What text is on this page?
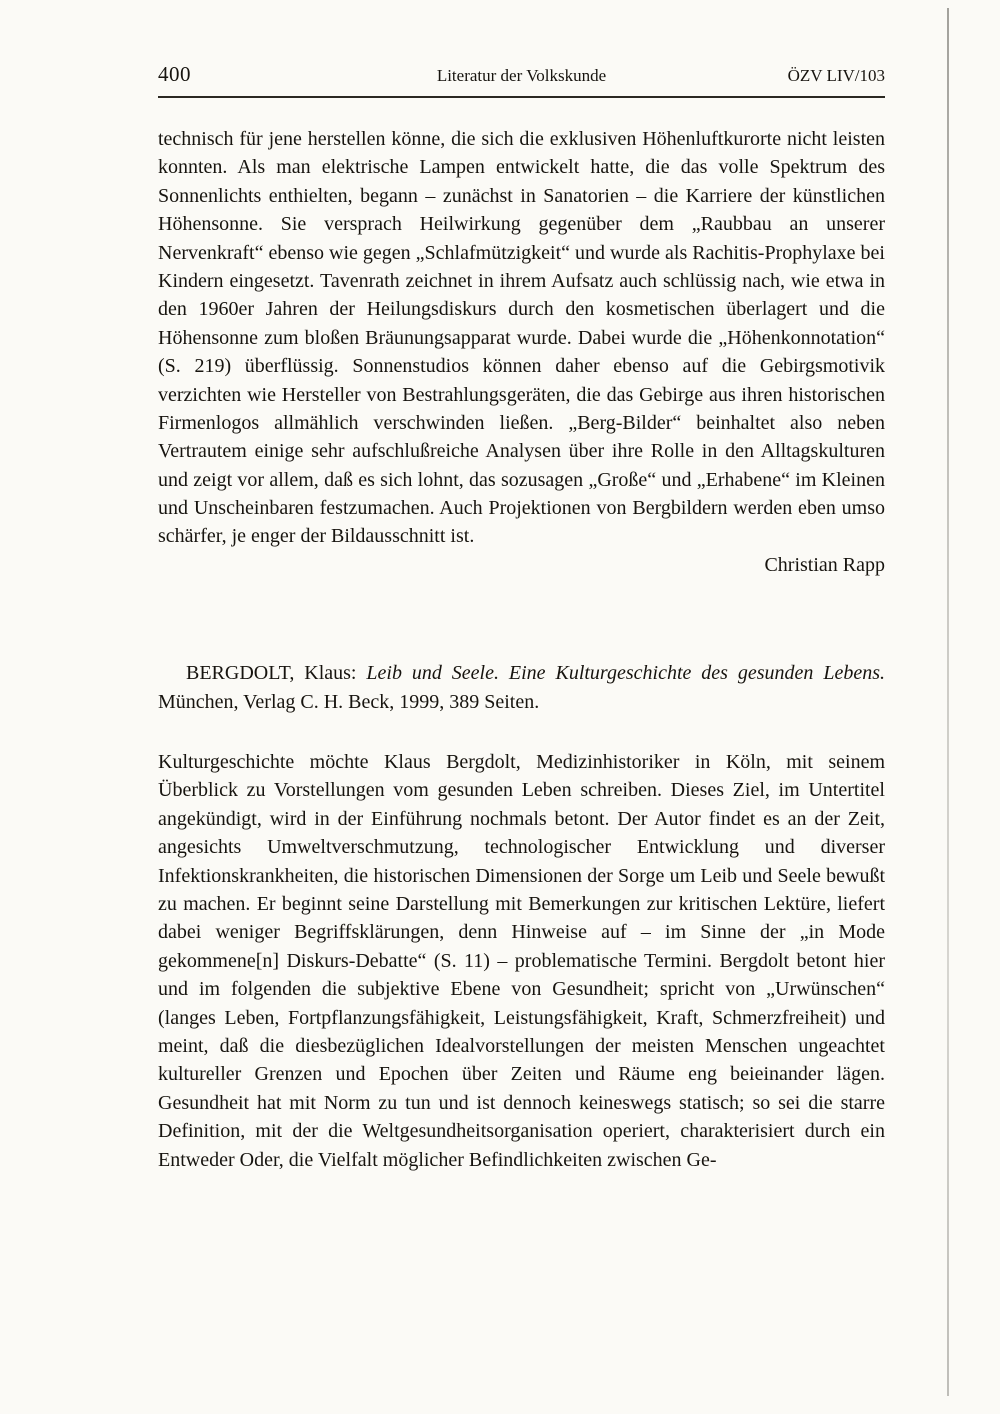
400	Literatur der Volkskunde	ÖZV LIV/103

technisch für jene herstellen könne, die sich die exklusiven Höhenluftkurorte nicht leisten konnten. Als man elektrische Lampen entwickelt hatte, die das volle Spektrum des Sonnenlichts enthielten, begann – zunächst in Sanatorien – die Karriere der künstlichen Höhensonne. Sie versprach Heilwirkung gegenüber dem „Raubbau an unserer Nervenkraft“ ebenso wie gegen „Schlafmützigkeit“ und wurde als Rachitis-Prophylaxe bei Kindern eingesetzt. Tavenrath zeichnet in ihrem Aufsatz auch schlüssig nach, wie etwa in den 1960er Jahren der Heilungsdiskurs durch den kosmetischen überlagert und die Höhensonne zum bloßen Bräunungsapparat wurde. Dabei wurde die „Höhenkonnotation“ (S. 219) überflüssig. Sonnenstudios können daher ebenso auf die Gebirgsmotivik verzichten wie Hersteller von Bestrahlungsgeräten, die das Gebirge aus ihren historischen Firmenlogos allmählich verschwinden ließen. „Berg-Bilder“ beinhaltet also neben Vertrautem einige sehr aufschlußreiche Analysen über ihre Rolle in den Alltagskulturen und zeigt vor allem, daß es sich lohnt, das sozusagen „Große“ und „Erhabene“ im Kleinen und Unscheinbaren festzumachen. Auch Projektionen von Bergbildern werden eben umso schärfer, je enger der Bildausschnitt ist.

Christian Rapp

BERGDOLT, Klaus: Leib und Seele. Eine Kulturgeschichte des gesunden Lebens. München, Verlag C. H. Beck, 1999, 389 Seiten.

Kulturgeschichte möchte Klaus Bergdolt, Medizinhistoriker in Köln, mit seinem Überblick zu Vorstellungen vom gesunden Leben schreiben. Dieses Ziel, im Untertitel angekündigt, wird in der Einführung nochmals betont. Der Autor findet es an der Zeit, angesichts Umweltverschmutzung, technologischer Entwicklung und diverser Infektionskrankheiten, die historischen Dimensionen der Sorge um Leib und Seele bewußt zu machen. Er beginnt seine Darstellung mit Bemerkungen zur kritischen Lektüre, liefert dabei weniger Begriffsklärungen, denn Hinweise auf – im Sinne der „in Mode gekommene[n] Diskurs-Debatte“ (S. 11) – problematische Termini. Bergdolt betont hier und im folgenden die subjektive Ebene von Gesundheit; spricht von „Urwünschen“ (langes Leben, Fortpflanzungsfähigkeit, Leistungsfähigkeit, Kraft, Schmerzfreiheit) und meint, daß die diesbezüglichen Idealvorstellungen der meisten Menschen ungeachtet kultureller Grenzen und Epochen über Zeiten und Räume eng beieinander lägen. Gesundheit hat mit Norm zu tun und ist dennoch keineswegs statisch; so sei die starre Definition, mit der die Weltgesundheitsorganisation operiert, charakterisiert durch ein Entweder Oder, die Vielfalt möglicher Befindlichkeiten zwischen Ge-
